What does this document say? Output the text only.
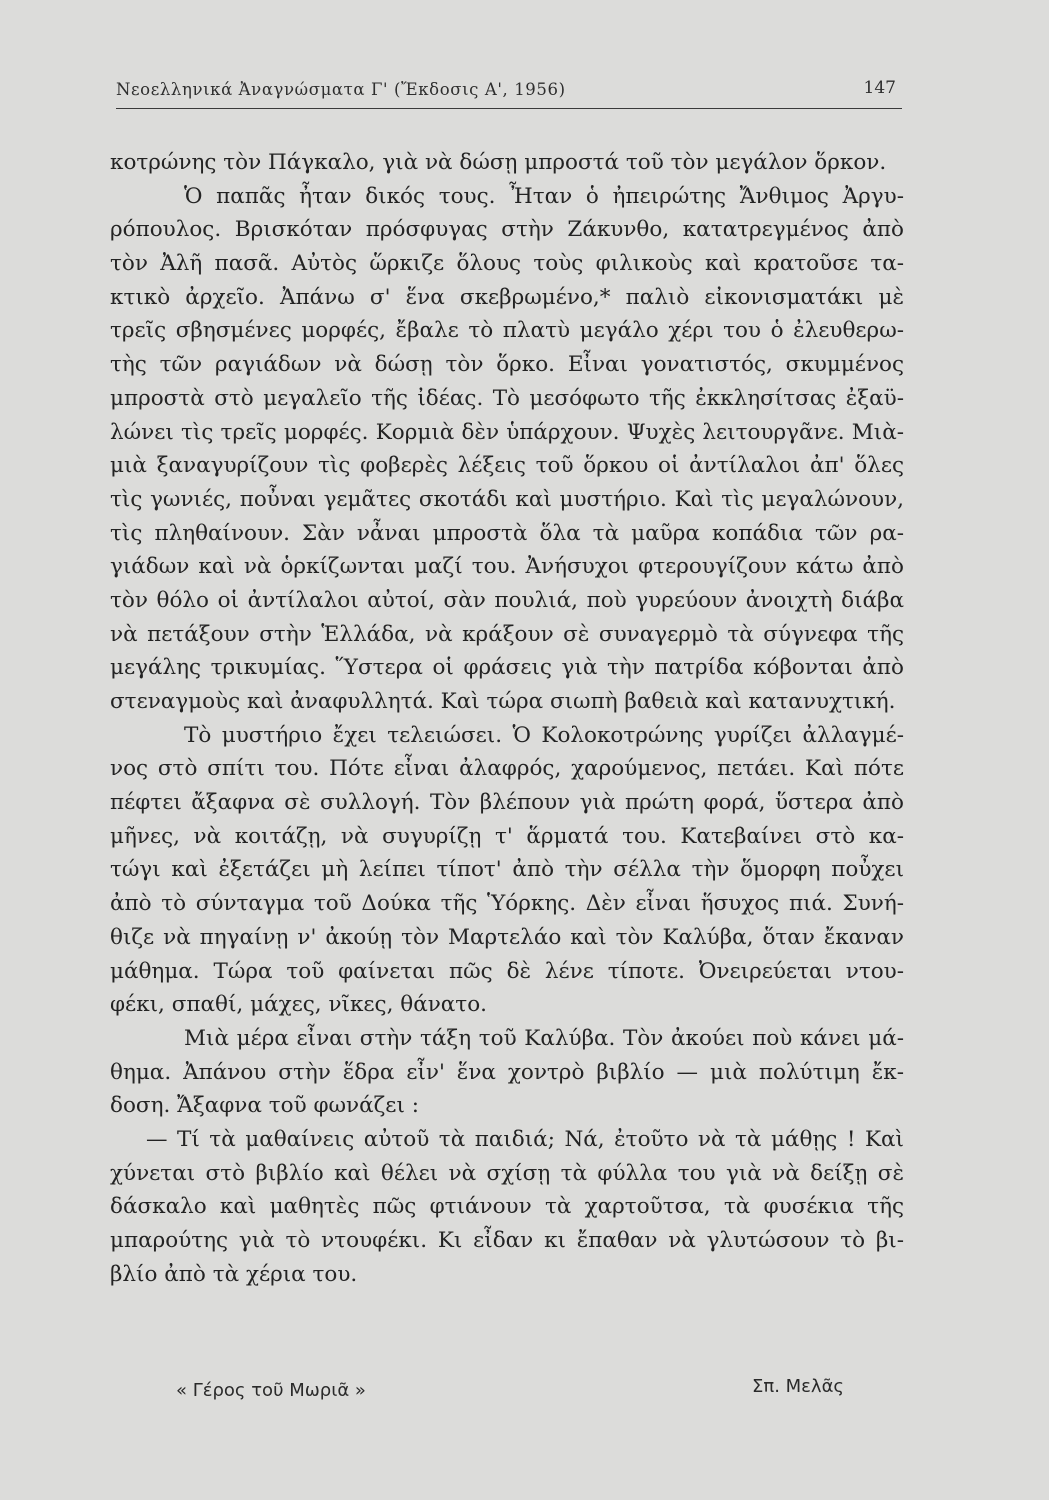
Νεοελληνικά Ἀναγνώσματα Γ' (Ἔκδοσις Α', 1956)	147
κοτρώνης τὸν Πάγκαλο, γιὰ νὰ δώσῃ μπροστά τοῦ τὸν μεγάλον ὅρκον.
Ὁ παπᾶς ἦταν δικός τους. Ἦταν ὁ ἠπειρώτης Ἄνθιμος Ἀργυ-
ρόπουλος. Βρισκόταν πρόσφυγας στὴν Ζάκυνθο, κατατρεγμένος ἀπὸ
τὸν Ἀλῆ πασᾶ. Αὐτὸς ὥρκιζε ὅλους τοὺς φιλικοὺς καὶ κρατοῦσε τα-
κτικὸ ἀρχεῖο. Ἀπάνω σ' ἕνα σκεβρωμένο,* παλιὸ εἰκονισματάκι μὲ
τρεῖς σβησμένες μορφές, ἔβαλε τὸ πλατὺ μεγάλο χέρι του ὁ ἐλευθερω-
τὴς τῶν ραγιάδων νὰ δώσῃ τὸν ὅρκο. Εἶναι γονατιστός, σκυμμένος
μπροστὰ στὸ μεγαλεῖο τῆς ἰδέας. Τὸ μεσόφωτο τῆς ἐκκλησίτσας ἐξαϋ-
λώνει τὶς τρεῖς μορφές. Κορμιὰ δὲν ὑπάρχουν. Ψυχὲς λειτουργᾶνε. Μιὰ-
μιὰ ξαναγυρίζουν τὶς φοβερὲς λέξεις τοῦ ὅρκου οἱ ἀντίλαλοι ἀπ' ὅλες
τὶς γωνιές, ποὖναι γεμᾶτες σκοτάδι καὶ μυστήριο. Καὶ τὶς μεγαλώνουν,
τὶς πληθαίνουν. Σὰν νἆναι μπροστὰ ὅλα τὰ μαῦρα κοπάδια τῶν ρα-
γιάδων καὶ νὰ ὁρκίζωνται μαζί του. Ἀνήσυχοι φτερουγίζουν κάτω ἀπὸ
τὸν θόλο οἱ ἀντίλαλοι αὐτοί, σὰν πουλιά, ποὺ γυρεύουν ἀνοιχτὴ διάβα
νὰ πετάξουν στὴν Ἑλλάδα, νὰ κράξουν σὲ συναγερμὸ τὰ σύγνεφα τῆς
μεγάλης τρικυμίας. Ὕστερα οἱ φράσεις γιὰ τὴν πατρίδα κόβονται ἀπὸ
στεναγμοὺς καὶ ἀναφυλλητά. Καὶ τώρα σιωπὴ βαθειὰ καὶ κατανυχτική.
Τὸ μυστήριο ἔχει τελειώσει. Ὁ Κολοκοτρώνης γυρίζει ἀλλαγμέ-
νος στὸ σπίτι του. Πότε εἶναι ἀλαφρός, χαρούμενος, πετάει. Καὶ πότε
πέφτει ἄξαφνα σὲ συλλογή. Τὸν βλέπουν γιὰ πρώτη φορά, ὕστερα ἀπὸ
μῆνες, νὰ κοιτάζῃ, νὰ συγυρίζῃ τ' ἅρματά του. Κατεβαίνει στὸ κα-
τώγι καὶ ἐξετάζει μὴ λείπει τίποτ' ἀπὸ τὴν σέλλα τὴν ὅμορφη ποὖχει
ἀπὸ τὸ σύνταγμα τοῦ Δούκα τῆς Ὑόρκης. Δὲν εἶναι ἥσυχος πιά. Συνή-
θιζε νὰ πηγαίνῃ ν' ἀκούῃ τὸν Μαρτελάο καὶ τὸν Καλύβα, ὅταν ἔκαναν
μάθημα. Τώρα τοῦ φαίνεται πῶς δὲ λένε τίποτε. Ὀνειρεύεται ντου-
φέκι, σπαθί, μάχες, νῖκες, θάνατο.
Μιὰ μέρα εἶναι στὴν τάξη τοῦ Καλύβα. Τὸν ἀκούει ποὺ κάνει μά-
θημα. Ἀπάνου στὴν ἕδρα εἶν' ἕνα χοντρὸ βιβλίο — μιὰ πολύτιμη ἔκ-
δοση. Ἄξαφνα τοῦ φωνάζει :
— Τί τὰ μαθαίνεις αὐτοῦ τὰ παιδιά; Νά, ἐτοῦτο νὰ τὰ μάθῃς ! Καὶ
χύνεται στὸ βιβλίο καὶ θέλει νὰ σχίσῃ τὰ φύλλα του γιὰ νὰ δείξῃ σὲ
δάσκαλο καὶ μαθητὲς πῶς φτιάνουν τὰ χαρτοῦτσα, τὰ φυσέκια τῆς
μπαρούτης γιὰ τὸ ντουφέκι. Κι εἶδαν κι ἔπαθαν νὰ γλυτώσουν τὸ βι-
βλίο ἀπὸ τὰ χέρια του.
« Γέρος τοῦ Μωριᾶ »	Σπ. Μελᾶς
